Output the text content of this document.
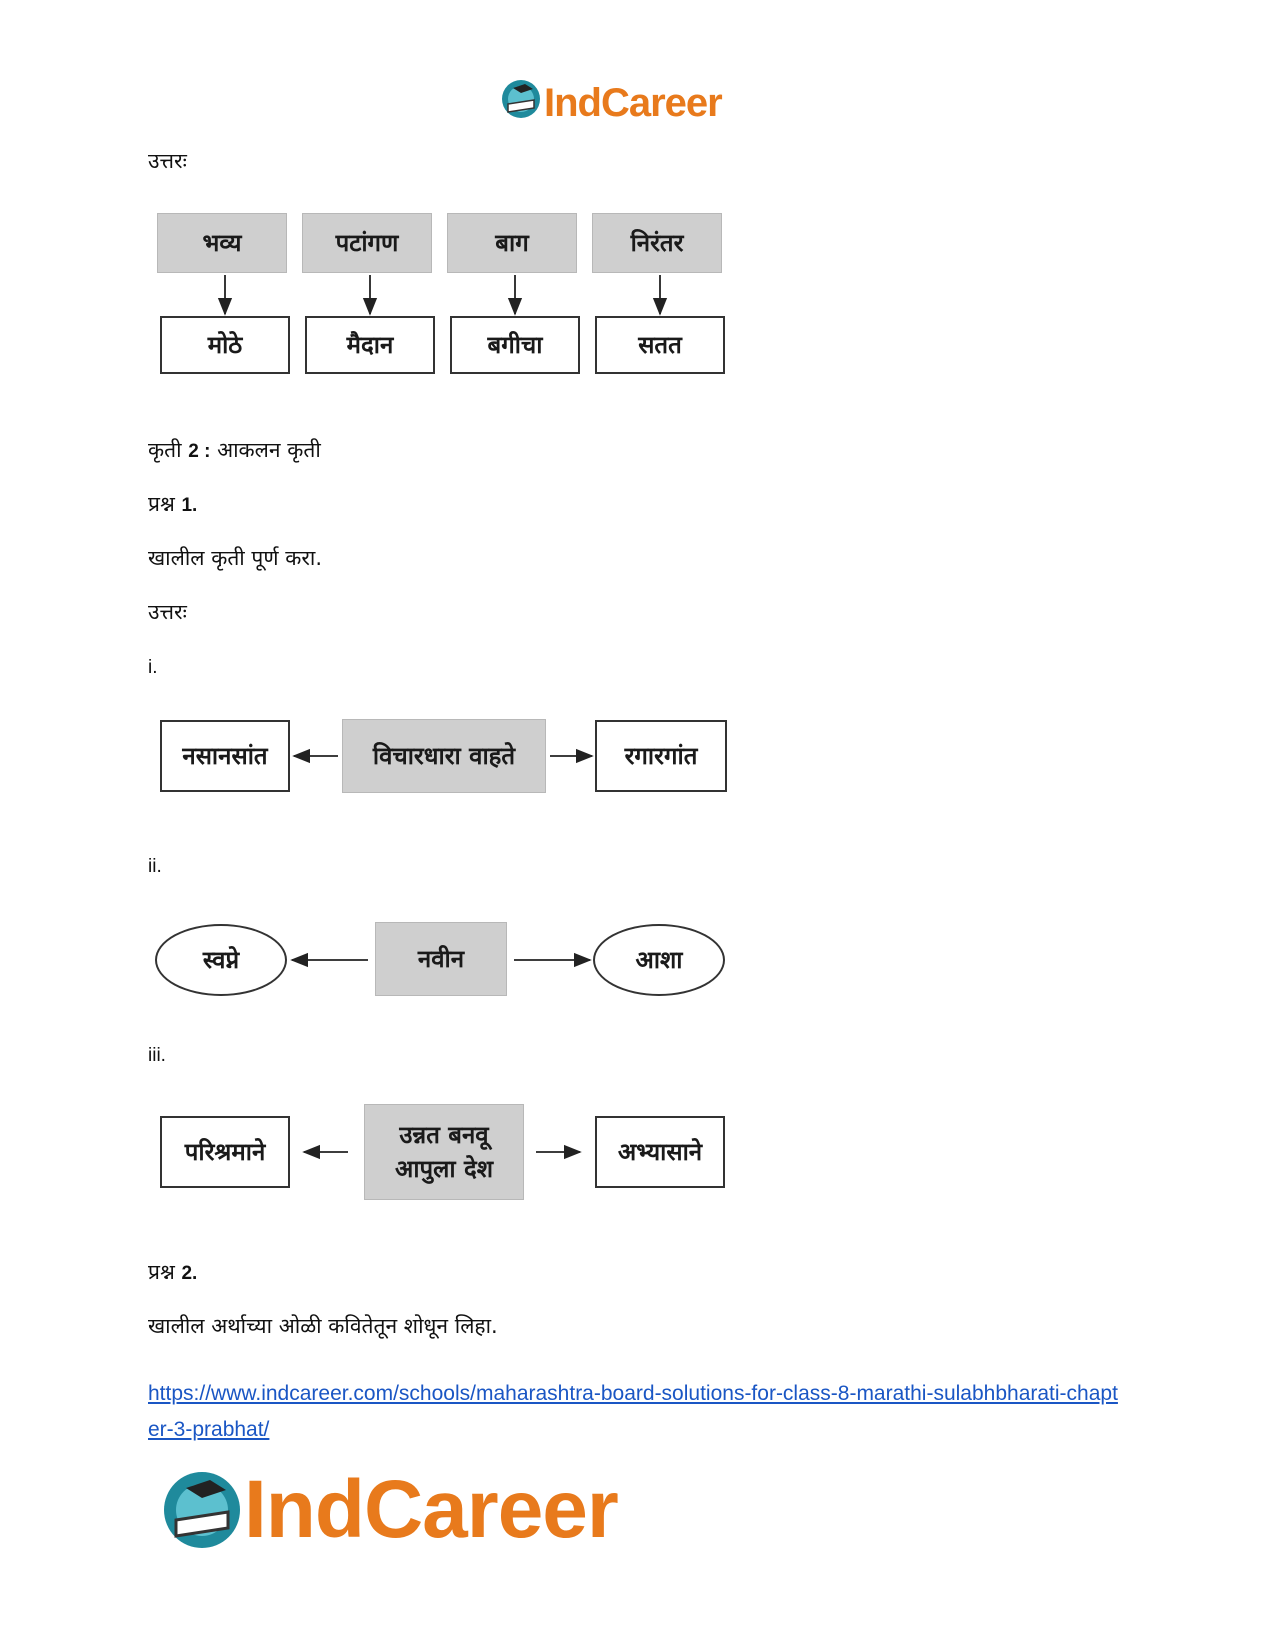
IndCareer
उत्तरः
भव्य	पटांगण	बाग	निरंतर
मोठे	मैदान	बगीचा	सतत
कृती 2 : आकलन कृती
प्रश्न 1.
खालील कृती पूर्ण करा.
उत्तरः
i.
नसानसांत	विचारधारा वाहते	रगारगांत
ii.
स्वप्ने	नवीन	आशा
iii.
परिश्रमाने
उन्नत बनवू
आपुला देश
अभ्यासाने
प्रश्न 2.
खालील अर्थाच्या ओळी कवितेतून शोधून लिहा.
https://www.indcareer.com/schools/maharashtra-board-solutions-for-class-8-marathi-sulabhbharati-chapter-3-prabhat/
IndCareer
